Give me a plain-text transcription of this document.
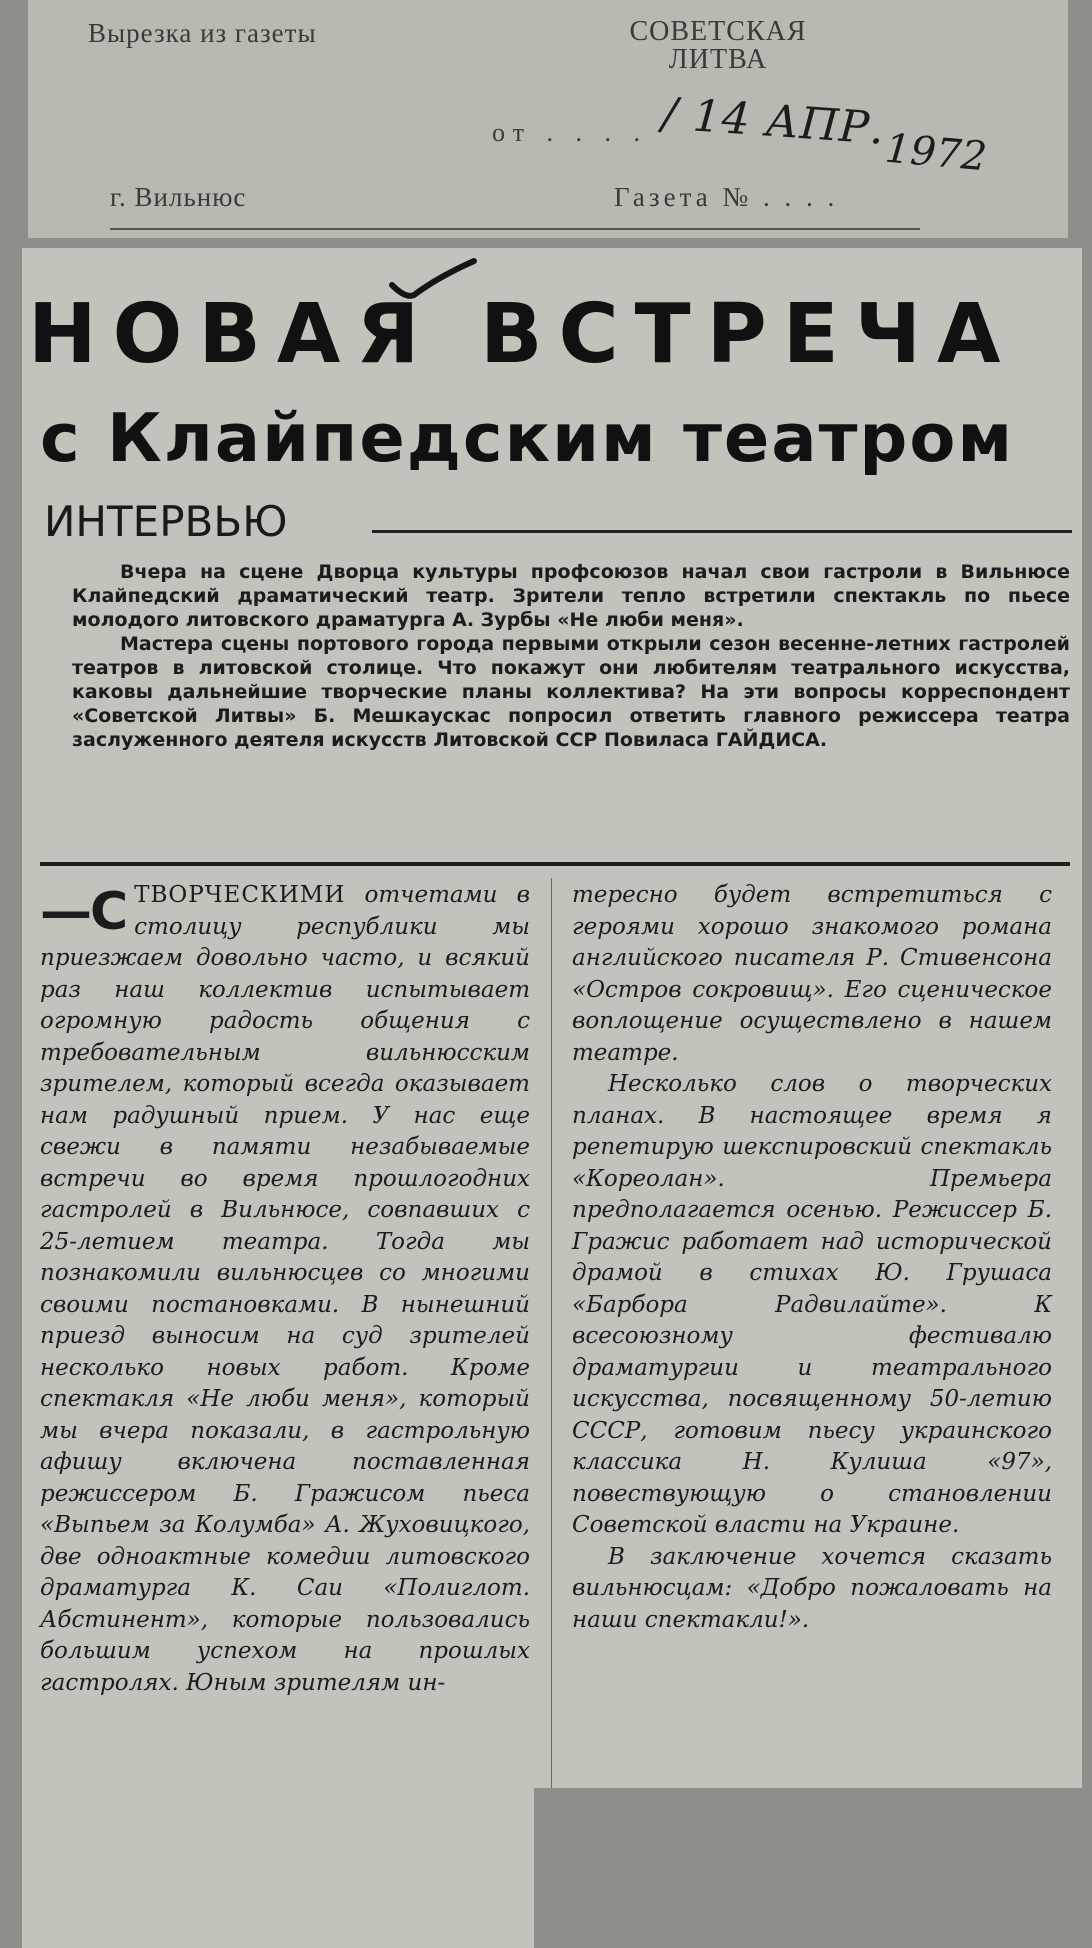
Вырезка из газеты	СОВЕТСКАЯ ЛИТВА
от . . . . / 14 АПР.
1972
г. Вильнюс	Газета № . . . .
НОВАЯ ВСТРЕЧА
с Клайпедским театром
ИНТЕРВЬЮ

Вчера на сцене Дворца культуры профсоюзов начал свои гастроли в Вильнюсе Клайпедский драматический театр. Зрители тепло встретили спектакль по пьесе молодого литовского драматурга А. Зурбы «Не люби меня».

Мастера сцены портового города первыми открыли сезон весенне-летних гастролей театров в литовской столице. Что покажут они любителям театрального искусства, каковы дальнейшие творческие планы коллектива? На эти вопросы корреспондент «Советской Литвы» Б. Мешкаускас попросил ответить главного режиссера театра заслуженного деятеля искусств Литовской ССР Повиласа ГАЙДИСА.

—С ТВОРЧЕСКИМИ отчетами в столицу республики мы приезжаем довольно часто, и всякий раз наш коллектив испытывает огромную радость общения с требовательным вильнюсским зрителем, который всегда оказывает нам радушный прием. У нас еще свежи в памяти незабываемые встречи во время прошлогодних гастролей в Вильнюсе, совпавших с 25-летием театра. Тогда мы познакомили вильнюсцев со многими своими постановками. В нынешний приезд выносим на суд зрителей несколько новых работ. Кроме спектакля «Не люби меня», который мы вчера показали, в гастрольную афишу включена поставленная режиссером Б. Гражисом пьеса «Выпьем за Колумба» А. Жуховицкого, две одноактные комедии литовского драматурга К. Саи «Полиглот. Абстинент», которые пользовались большим успехом на прошлых гастролях. Юным зрителям ин-

тересно будет встретиться с героями хорошо знакомого романа английского писателя Р. Стивенсона «Остров сокровищ». Его сценическое воплощение осуществлено в нашем театре.

Несколько слов о творческих планах. В настоящее время я репетирую шекспировский спектакль «Кореолан». Премьера предполагается осенью. Режиссер Б. Гражис работает над исторической драмой в стихах Ю. Грушаса «Барбора Радвилайте». К всесоюзному фестивалю драматургии и театрального искусства, посвященному 50-летию СССР, готовим пьесу украинского классика Н. Кулиша «97», повествующую о становлении Советской власти на Украине.

В заключение хочется сказать вильнюсцам: «Добро пожаловать на наши спектакли!».
